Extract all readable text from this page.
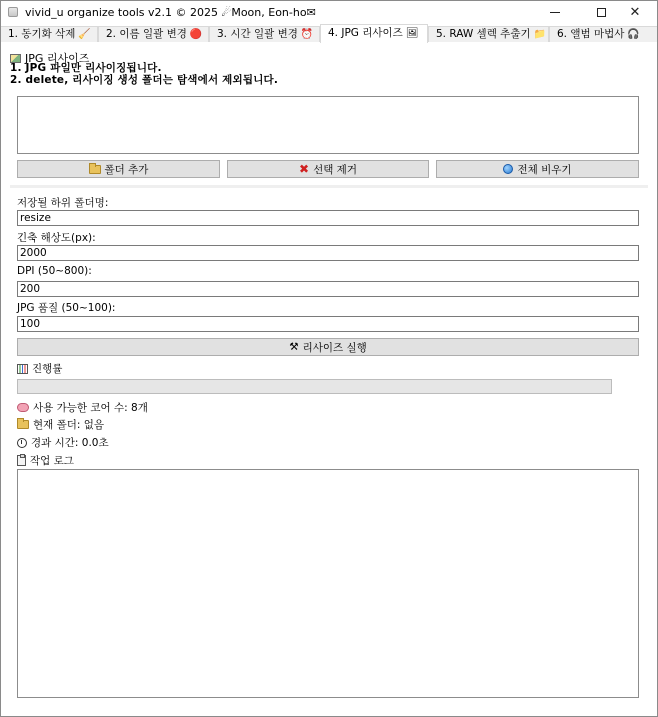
vivid_u organize tools v2.1 © 2025 ☄Moon, Eon-ho✉	✕
1. 동기화 삭제 🧹	2. 이름 일괄 변경 🔴	3. 시간 일괄 변경 ⏰	4. JPG 리사이즈 🖼	5. RAW 셀렉 추출기 📁	6. 앨범 마법사 🎧
JPG 리사이즈
1. JPG 파일만 리사이징됩니다.
2. delete, 리사이징 생성 폴더는 탐색에서 제외됩니다.
폴더 추가	✖ 선택 제거	전체 비우기
저장될 하위 폴더명:
resize
긴축 해상도(px):
2000
DPI (50~800):
200
JPG 품질 (50~100):
100
⚒ 리사이즈 실행
진행률
사용 가능한 코어 수: 8개
현재 폴더: 없음
경과 시간: 0.0초
작업 로그
